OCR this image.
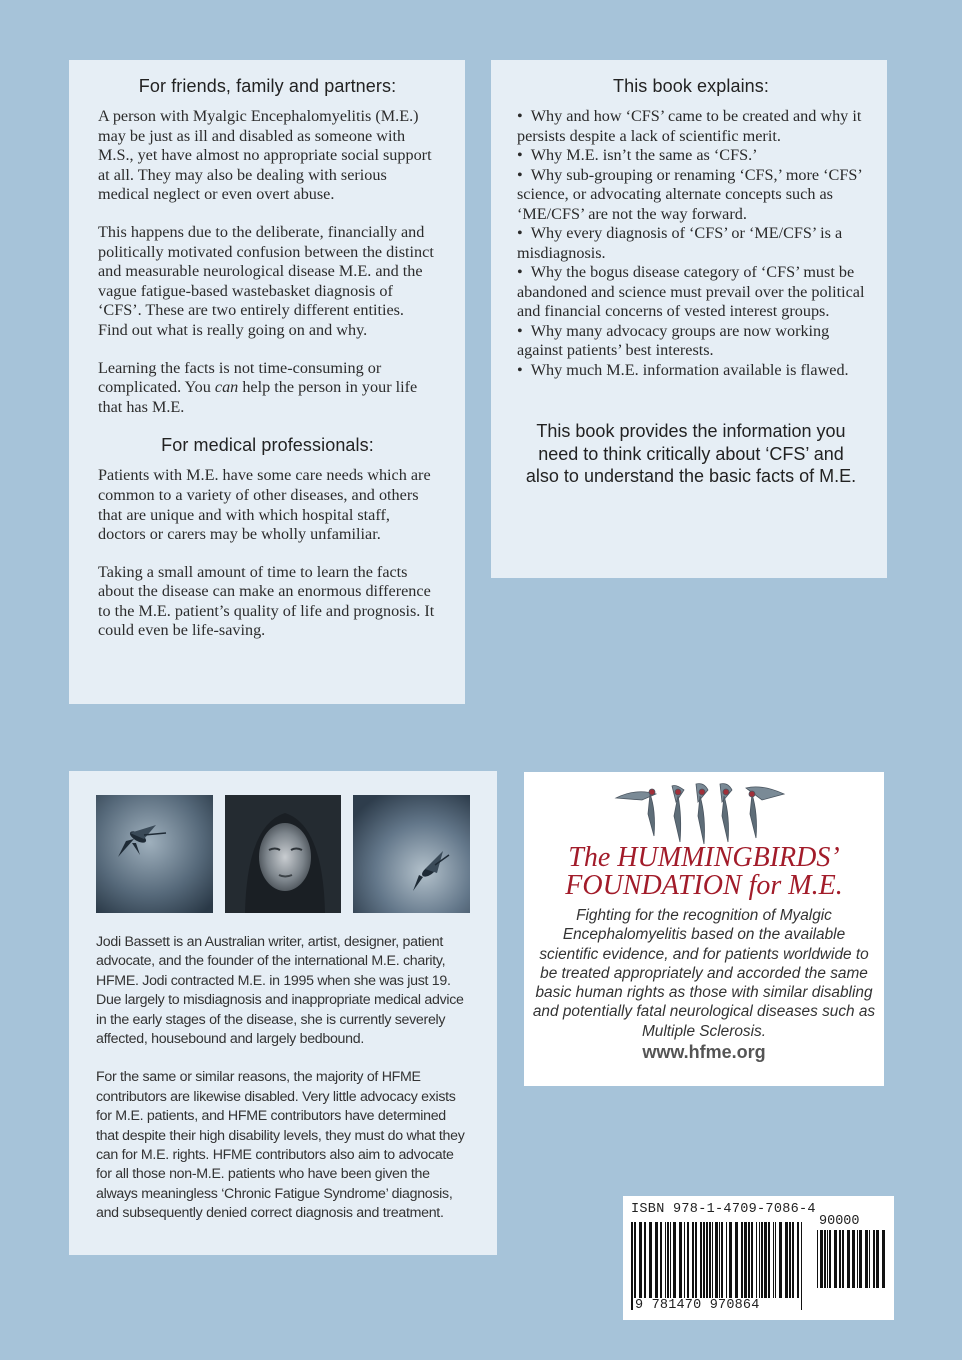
For friends, family and partners:

A person with Myalgic Encephalomyelitis (M.E.) may be just as ill and disabled as someone with M.S., yet have almost no appropriate social support at all. They may also be dealing with serious medical neglect or even overt abuse.

This happens due to the deliberate, financially and politically motivated confusion between the distinct and measurable neurological disease M.E. and the vague fatigue-based wastebasket diagnosis of ‘CFS’. These are two entirely different entities. Find out what is really going on and why.

Learning the facts is not time-consuming or complicated. You can help the person in your life that has M.E.

For medical professionals:

Patients with M.E. have some care needs which are common to a variety of other diseases, and others that are unique and with which hospital staff, doctors or carers may be wholly unfamiliar.

Taking a small amount of time to learn the facts about the disease can make an enormous difference to the M.E. patient’s quality of life and prognosis. It could even be life-saving.

This book explains:
•  Why and how ‘CFS’ came to be created and why it persists despite a lack of scientific merit.
•  Why M.E. isn’t the same as ‘CFS.’
•  Why sub-grouping or renaming ‘CFS,’ more ‘CFS’ science, or advocating alternate concepts such as ‘ME/CFS’ are not the way forward.
•  Why every diagnosis of ‘CFS’ or ‘ME/CFS’ is a misdiagnosis.
•  Why the bogus disease category of ‘CFS’ must be abandoned and science must prevail over the political and financial concerns of vested interest groups.
•  Why many advocacy groups are now working against patients’ best interests.
•  Why much M.E. information available is flawed.

This book provides the information you need to think critically about ‘CFS’ and also to understand the basic facts of M.E.

Jodi Bassett is an Australian writer, artist, designer, patient advocate, and the founder of the international M.E. charity, HFME. Jodi contracted M.E. in 1995 when she was just 19. Due largely to misdiagnosis and inappropriate medical advice in the early stages of the disease, she is currently severely affected, housebound and largely bedbound.

For the same or similar reasons, the majority of HFME contributors are likewise disabled. Very little advocacy exists for M.E. patients, and HFME contributors have determined that despite their high disability levels, they must do what they can for M.E. rights. HFME contributors also aim to advocate for all those non-M.E. patients who have been given the always meaningless ‘Chronic Fatigue Syndrome’ diagnosis, and subsequently denied correct diagnosis and treatment.

The HUMMINGBIRDS’

FOUNDATION for M.E.

Fighting for the recognition of Myalgic Encephalomyelitis based on the available scientific evidence, and for patients worldwide to be treated appropriately and accorded the same basic human rights as those with similar disabling and potentially fatal neurological diseases such as Multiple Sclerosis.

www.hfme.org

ISBN 978-1-4709-7086-4

90000

9 781470 970864
